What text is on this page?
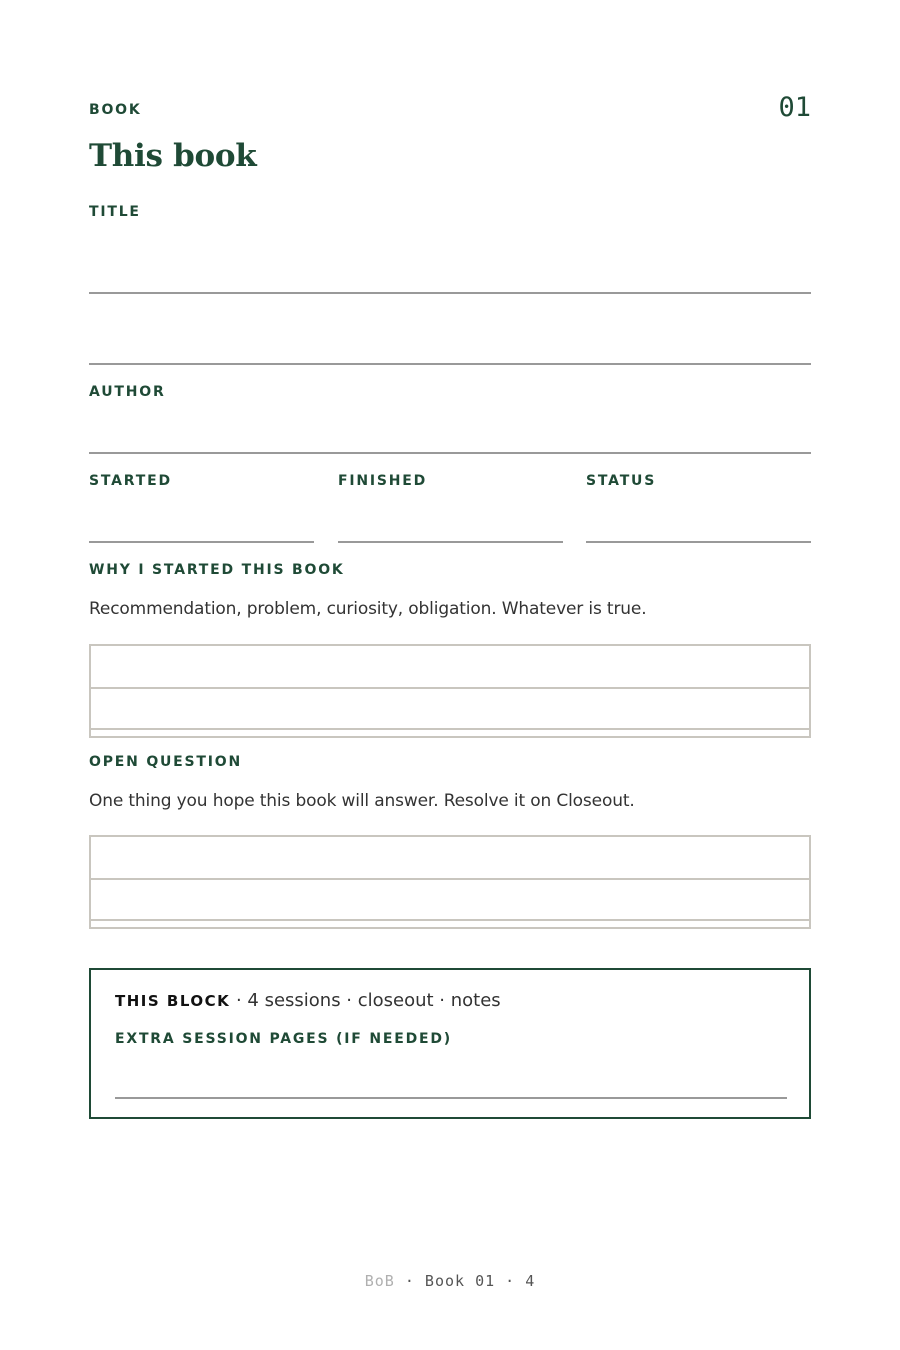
BOOK	01
This book
TITLE
AUTHOR
STARTED	FINISHED	STATUS
WHY I STARTED THIS BOOK
Recommendation, problem, curiosity, obligation. Whatever is true.
OPEN QUESTION
One thing you hope this book will answer. Resolve it on Closeout.
THIS BLOCK · 4 sessions · closeout · notes
EXTRA SESSION PAGES (IF NEEDED)
BoB · Book 01 · 4
